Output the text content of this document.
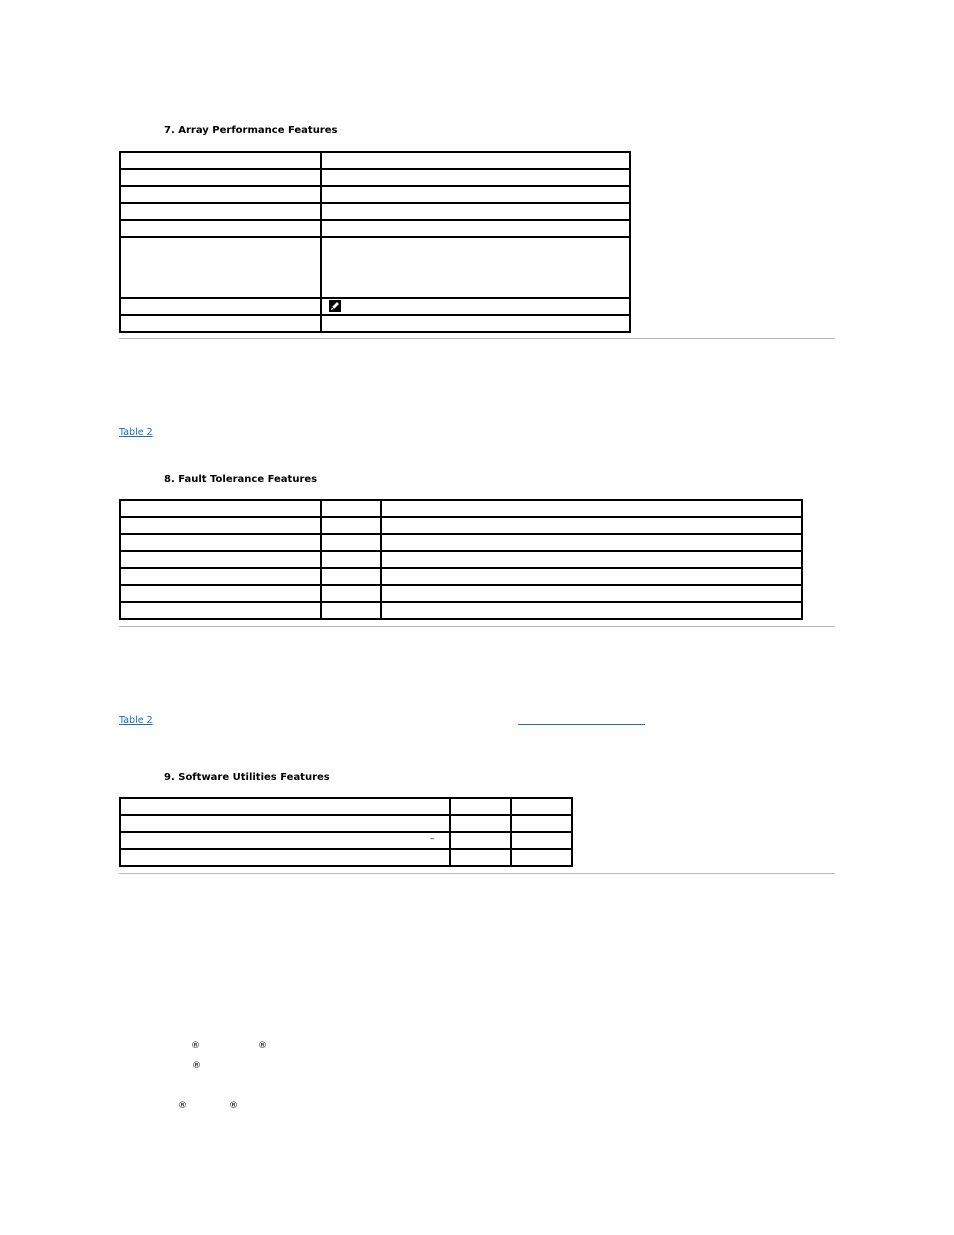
7. Array Performance Features

Table 2
8. Fault Tolerance Features

Table 2
9. Software Utilities Features

–		

®	®
®
®	®
